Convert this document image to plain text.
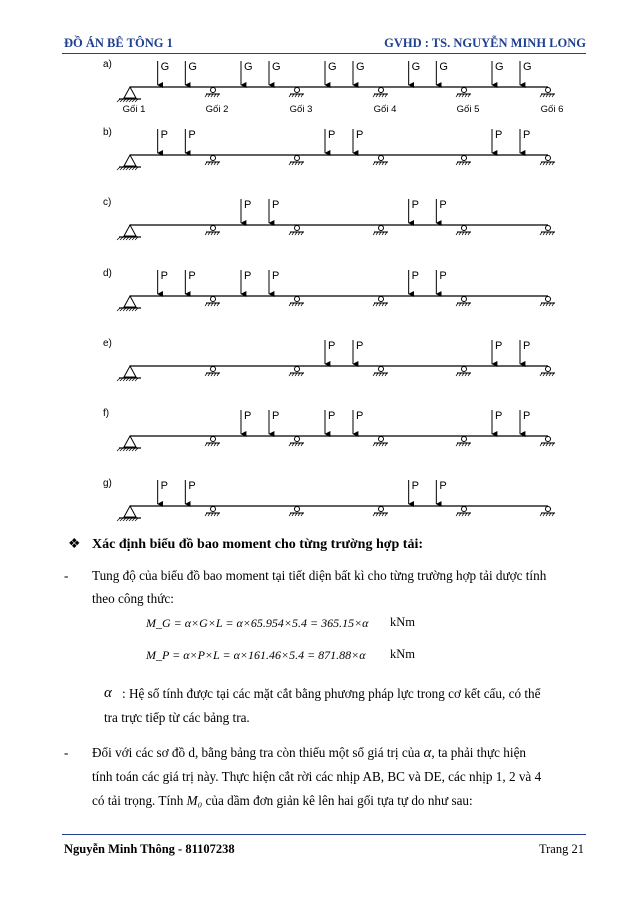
ĐỒ ÁN BÊ TÔNG 1	GVHD : TS. NGUYỄN MINH LONG
a)	G G	G G	G G	G G	G G
Gối 1	Gối 2	Gối 3	Gối 4	Gối 5	Gối 6
b)	P P	P P	P P
c)	P P	P P
d)	P P	P P	P P
e)	P P	P P
f)	P P	P P	P P
g)	P P	P P
❖ Xác định biểu đồ bao moment cho từng trường hợp tải:
- Tung độ của biểu đồ bao moment tại tiết diện bất kì cho từng trường hợp tải dược tính
theo công thức:
M_G = α×G×L = α×65.954×5.4 = 365.15×α kNm
M_P = α×P×L = α×161.46×5.4 = 871.88×α kNm
α : Hệ số tính được tại các mặt cắt bằng phương pháp lực trong cơ kết cấu, có thể
tra trực tiếp từ các bảng tra.
- Đối với các sơ đồ d, bằng bảng tra còn thiếu một số giá trị của α, ta phải thực hiện
tính toán các giá trị này. Thực hiện cắt rời các nhịp AB, BC và DE, các nhịp 1, 2 và 4
có tải trọng. Tính M₀ của dầm đơn giản kê lên hai gối tựa tự do như sau:
Nguyễn Minh Thông - 81107238	Trang 21
